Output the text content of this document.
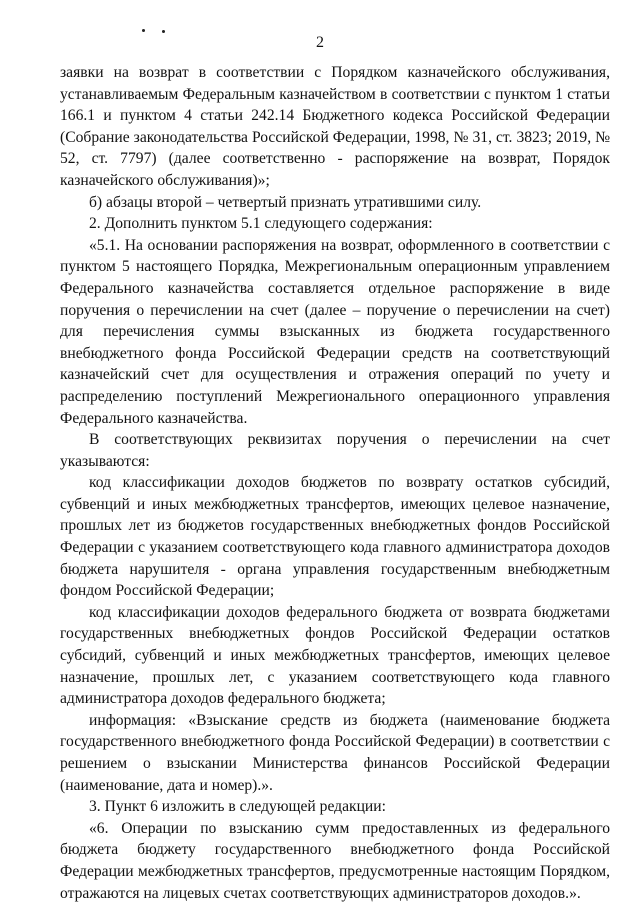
2

заявки на возврат в соответствии с Порядком казначейского обслуживания, устанавливаемым Федеральным казначейством в соответствии с пунктом 1 статьи 166.1 и пунктом 4 статьи 242.14 Бюджетного кодекса Российской Федерации (Собрание законодательства Российской Федерации, 1998, № 31, ст. 3823; 2019, № 52, ст. 7797) (далее соответственно - распоряжение на возврат, Порядок казначейского обслуживания)»;

б) абзацы второй – четвертый признать утратившими силу.

2. Дополнить пунктом 5.1 следующего содержания:

«5.1. На основании распоряжения на возврат, оформленного в соответствии с пунктом 5 настоящего Порядка, Межрегиональным операционным управлением Федерального казначейства составляется отдельное распоряжение в виде поручения о перечислении на счет (далее – поручение о перечислении на счет) для перечисления суммы взысканных из бюджета государственного внебюджетного фонда Российской Федерации средств на соответствующий казначейский счет для осуществления и отражения операций по учету и распределению поступлений Межрегионального операционного управления Федерального казначейства.

В соответствующих реквизитах поручения о перечислении на счет указываются:

код классификации доходов бюджетов по возврату остатков субсидий, субвенций и иных межбюджетных трансфертов, имеющих целевое назначение, прошлых лет из бюджетов государственных внебюджетных фондов Российской Федерации с указанием соответствующего кода главного администратора доходов бюджета нарушителя - органа управления государственным внебюджетным фондом Российской Федерации;

код классификации доходов федерального бюджета от возврата бюджетами государственных внебюджетных фондов Российской Федерации остатков субсидий, субвенций и иных межбюджетных трансфертов, имеющих целевое назначение, прошлых лет, с указанием соответствующего кода главного администратора доходов федерального бюджета;

информация: «Взыскание средств из бюджета (наименование бюджета государственного внебюджетного фонда Российской Федерации) в соответствии с решением о взыскании Министерства финансов Российской Федерации (наименование, дата и номер).».

3. Пункт 6 изложить в следующей редакции:

«6. Операции по взысканию сумм предоставленных из федерального бюджета бюджету государственного внебюджетного фонда Российской Федерации межбюджетных трансфертов, предусмотренные настоящим Порядком, отражаются на лицевых счетах соответствующих администраторов доходов.».
